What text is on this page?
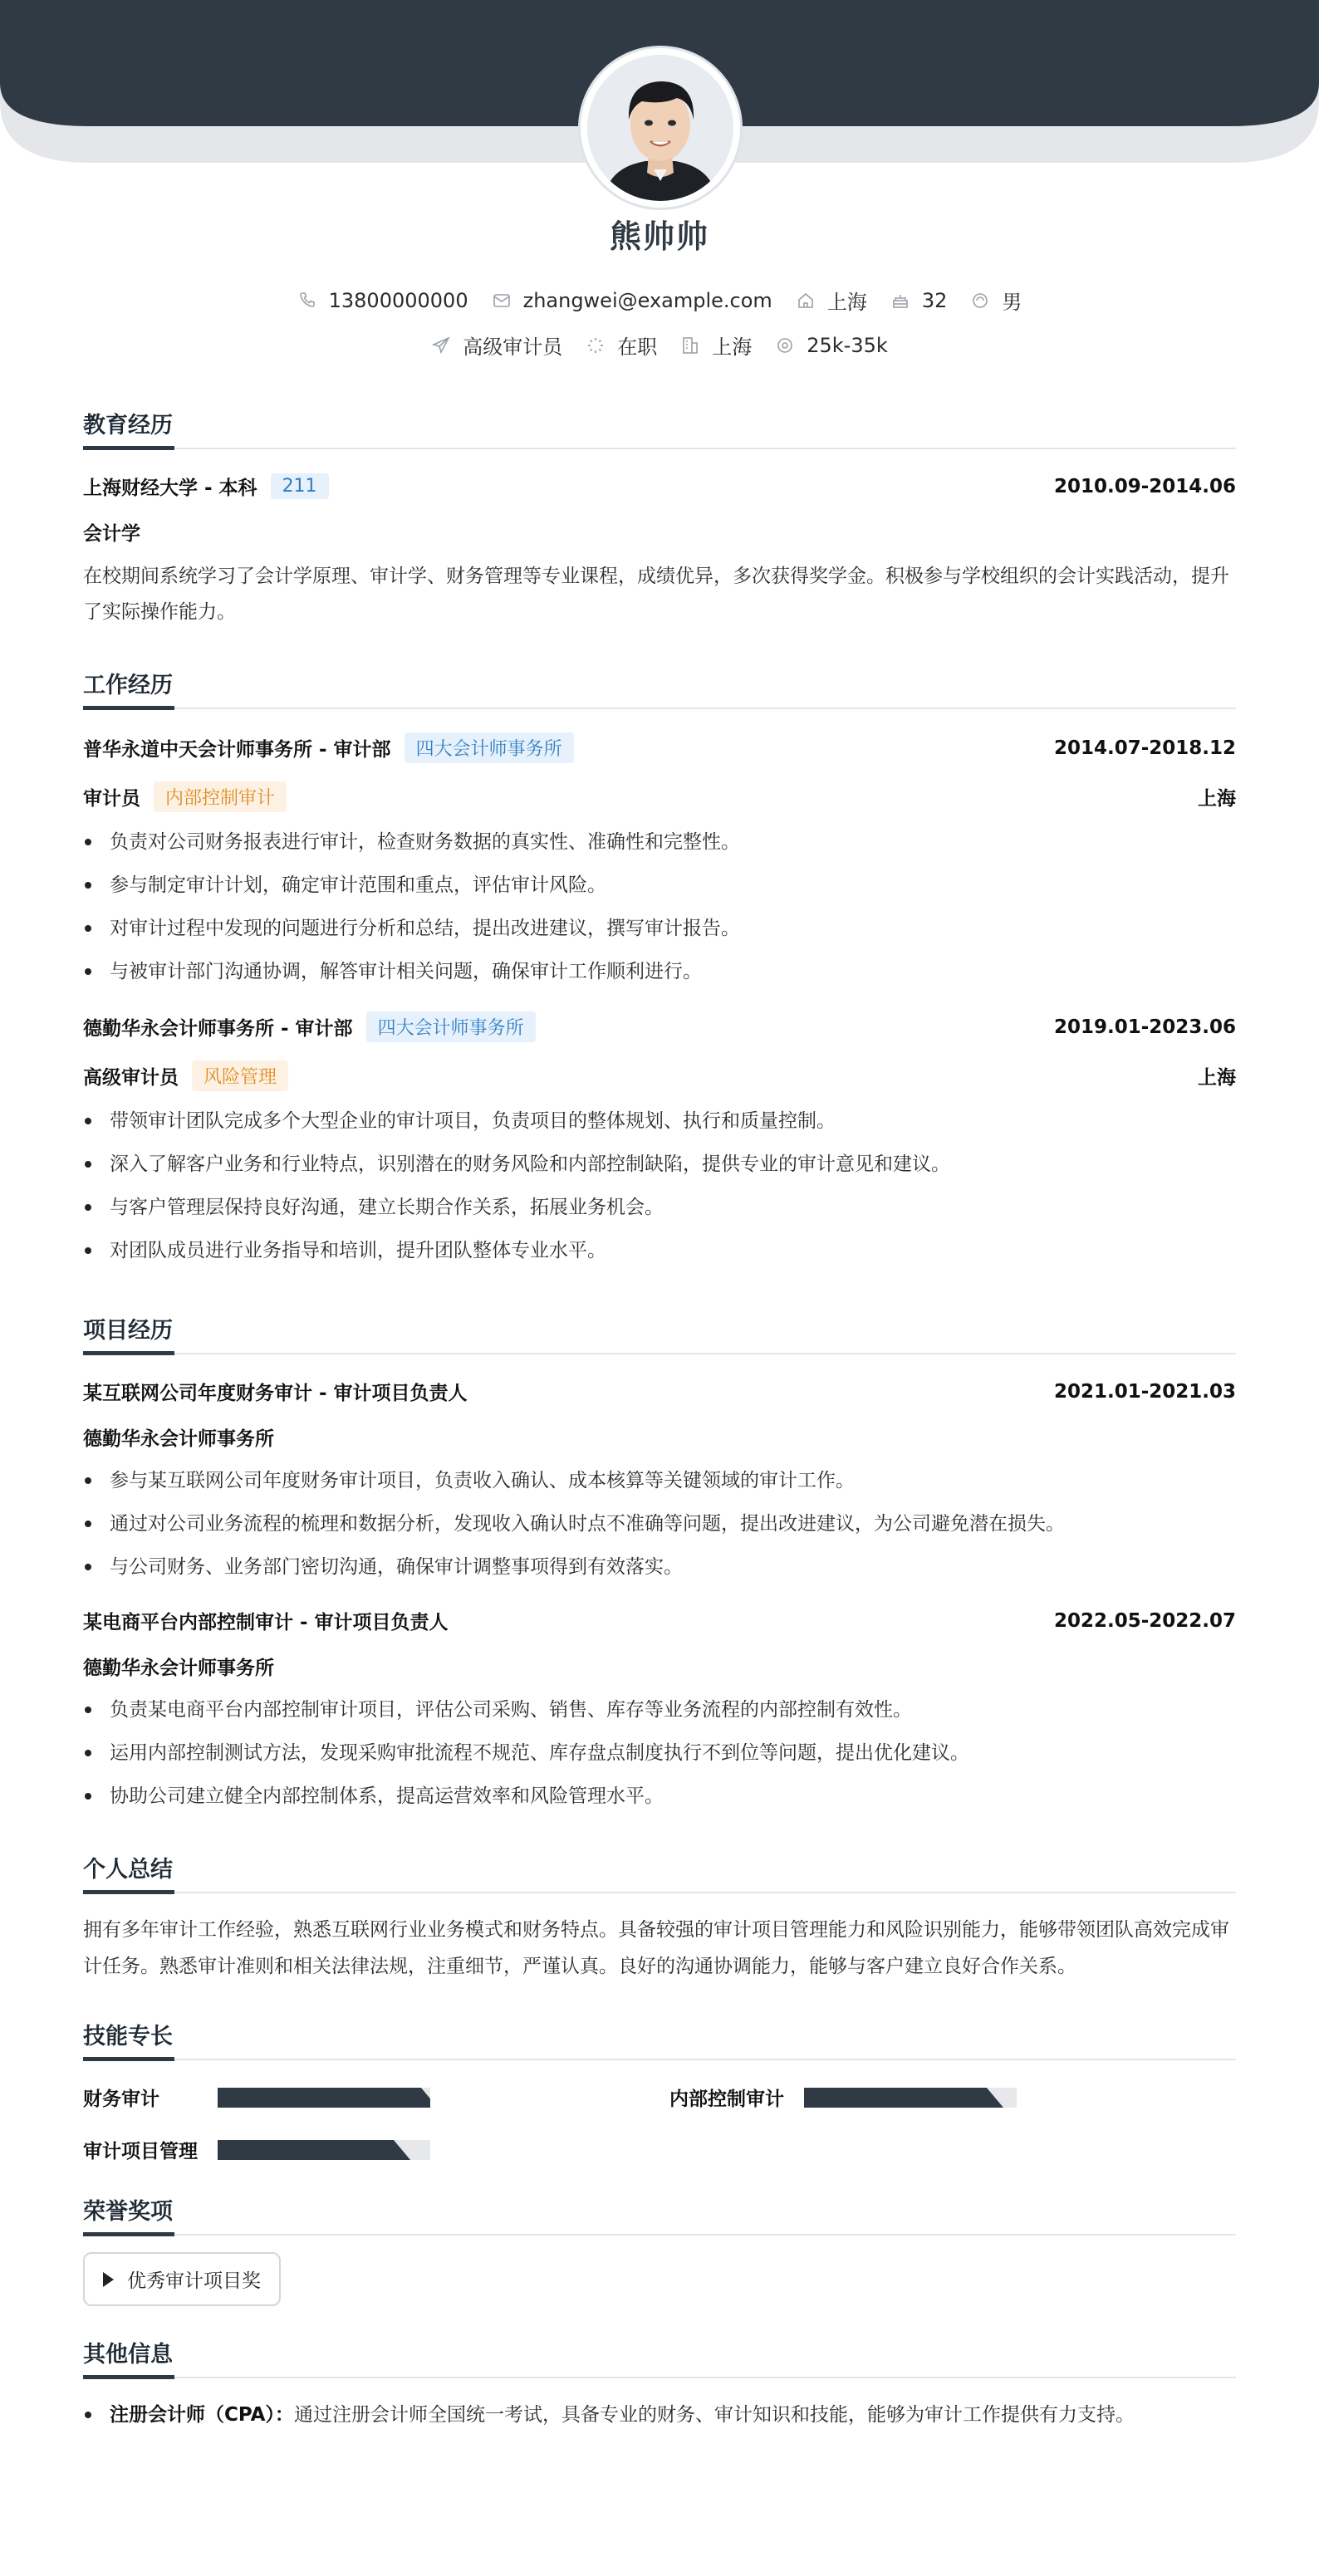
熊帅帅
13800000000	zhangwei@example.com	上海	32	男
高级审计员	在职	上海	25k-35k
教育经历
上海财经大学 - 本科	211	2010.09-2014.06
会计学
在校期间系统学习了会计学原理、审计学、财务管理等专业课程，成绩优异，多次获得奖学金。积极参与学校组织的会计实践活动，提升了实际操作能力。
工作经历
普华永道中天会计师事务所 - 审计部	四大会计师事务所	2014.07-2018.12
审计员	内部控制审计	上海
负责对公司财务报表进行审计，检查财务数据的真实性、准确性和完整性。
参与制定审计计划，确定审计范围和重点，评估审计风险。
对审计过程中发现的问题进行分析和总结，提出改进建议，撰写审计报告。
与被审计部门沟通协调，解答审计相关问题，确保审计工作顺利进行。
德勤华永会计师事务所 - 审计部	四大会计师事务所	2019.01-2023.06
高级审计员	风险管理	上海
带领审计团队完成多个大型企业的审计项目，负责项目的整体规划、执行和质量控制。
深入了解客户业务和行业特点，识别潜在的财务风险和内部控制缺陷，提供专业的审计意见和建议。
与客户管理层保持良好沟通，建立长期合作关系，拓展业务机会。
对团队成员进行业务指导和培训，提升团队整体专业水平。
项目经历
某互联网公司年度财务审计 - 审计项目负责人	2021.01-2021.03
德勤华永会计师事务所
参与某互联网公司年度财务审计项目，负责收入确认、成本核算等关键领域的审计工作。
通过对公司业务流程的梳理和数据分析，发现收入确认时点不准确等问题，提出改进建议，为公司避免潜在损失。
与公司财务、业务部门密切沟通，确保审计调整事项得到有效落实。
某电商平台内部控制审计 - 审计项目负责人	2022.05-2022.07
德勤华永会计师事务所
负责某电商平台内部控制审计项目，评估公司采购、销售、库存等业务流程的内部控制有效性。
运用内部控制测试方法，发现采购审批流程不规范、库存盘点制度执行不到位等问题，提出优化建议。
协助公司建立健全内部控制体系，提高运营效率和风险管理水平。
个人总结
拥有多年审计工作经验，熟悉互联网行业业务模式和财务特点。具备较强的审计项目管理能力和风险识别能力，能够带领团队高效完成审计任务。熟悉审计准则和相关法律法规，注重细节，严谨认真。良好的沟通协调能力，能够与客户建立良好合作关系。
技能专长
财务审计	内部控制审计
审计项目管理
荣誉奖项
优秀审计项目奖
其他信息
注册会计师（CPA）：通过注册会计师全国统一考试，具备专业的财务、审计知识和技能，能够为审计工作提供有力支持。
